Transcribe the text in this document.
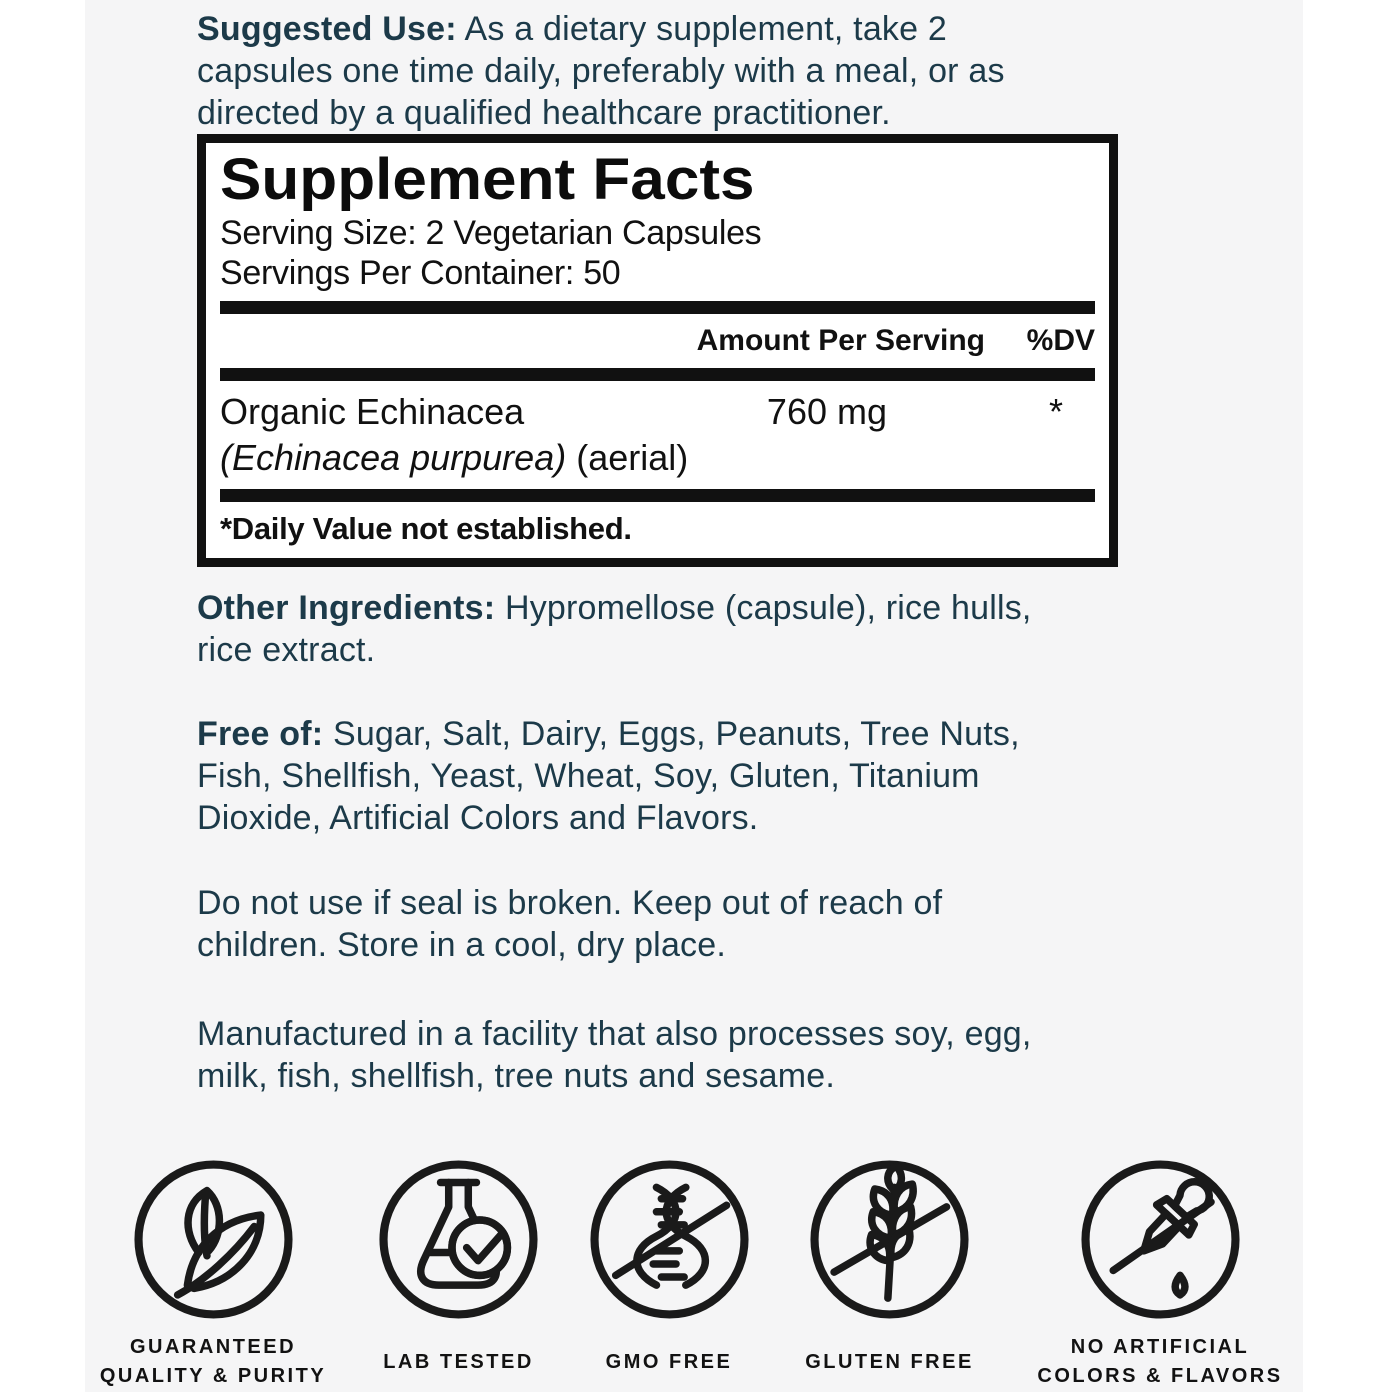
Suggested Use: As a dietary supplement, take 2
capsules one time daily, preferably with a meal, or as
directed by a qualified healthcare practitioner.
Supplement Facts
Serving Size: 2 Vegetarian Capsules
Servings Per Container: 50
Amount Per Serving	%DV
Organic Echinacea	760 mg	*
(Echinacea purpurea) (aerial)
*Daily Value not established.
Other Ingredients: Hypromellose (capsule), rice hulls,
rice extract.
Free of: Sugar, Salt, Dairy, Eggs, Peanuts, Tree Nuts,
Fish, Shellfish, Yeast, Wheat, Soy, Gluten, Titanium
Dioxide, Artificial Colors and Flavors.
Do not use if seal is broken. Keep out of reach of
children. Store in a cool, dry place.
Manufactured in a facility that also processes soy, egg,
milk, fish, shellfish, tree nuts and sesame.
GUARANTEED
QUALITY & PURITY
LAB TESTED	GMO FREE	GLUTEN FREE
NO ARTIFICIAL
COLORS & FLAVORS
